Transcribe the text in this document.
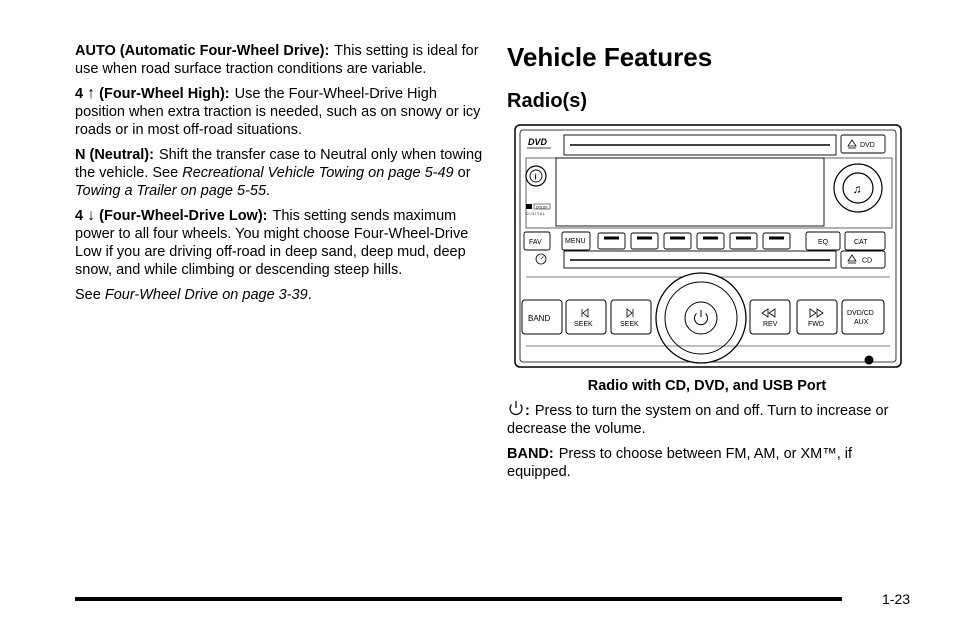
AUTO (Automatic Four-Wheel Drive): This setting is ideal for use when road surface traction conditions are variable.

4 ↑ (Four-Wheel High): Use the Four-Wheel-Drive High position when extra traction is needed, such as on snowy or icy roads or in most off-road situations.

N (Neutral): Shift the transfer case to Neutral only when towing the vehicle. See Recreational Vehicle Towing on page 5-49 or Towing a Trailer on page 5-55.

4 ↓ (Four-Wheel-Drive Low): This setting sends maximum power to all four wheels. You might choose Four-Wheel-Drive Low if you are driving off-road in deep sand, deep mud, deep snow, and while climbing or descending steep hills.

See Four-Wheel Drive on page 3-39.

Vehicle Features
Radio(s)
DVD	DVD
i
DOLBY
D I G I T A L
♫
FAV	MENU	EQ	CAT
CD
BAND
SEEK	SEEK	REV	FWD
DVD/CD
AUX
Radio with CD, DVD, and USB Port

: Press to turn the system on and off. Turn to increase or decrease the volume.

BAND: Press to choose between FM, AM, or XM™, if equipped.

1-23
